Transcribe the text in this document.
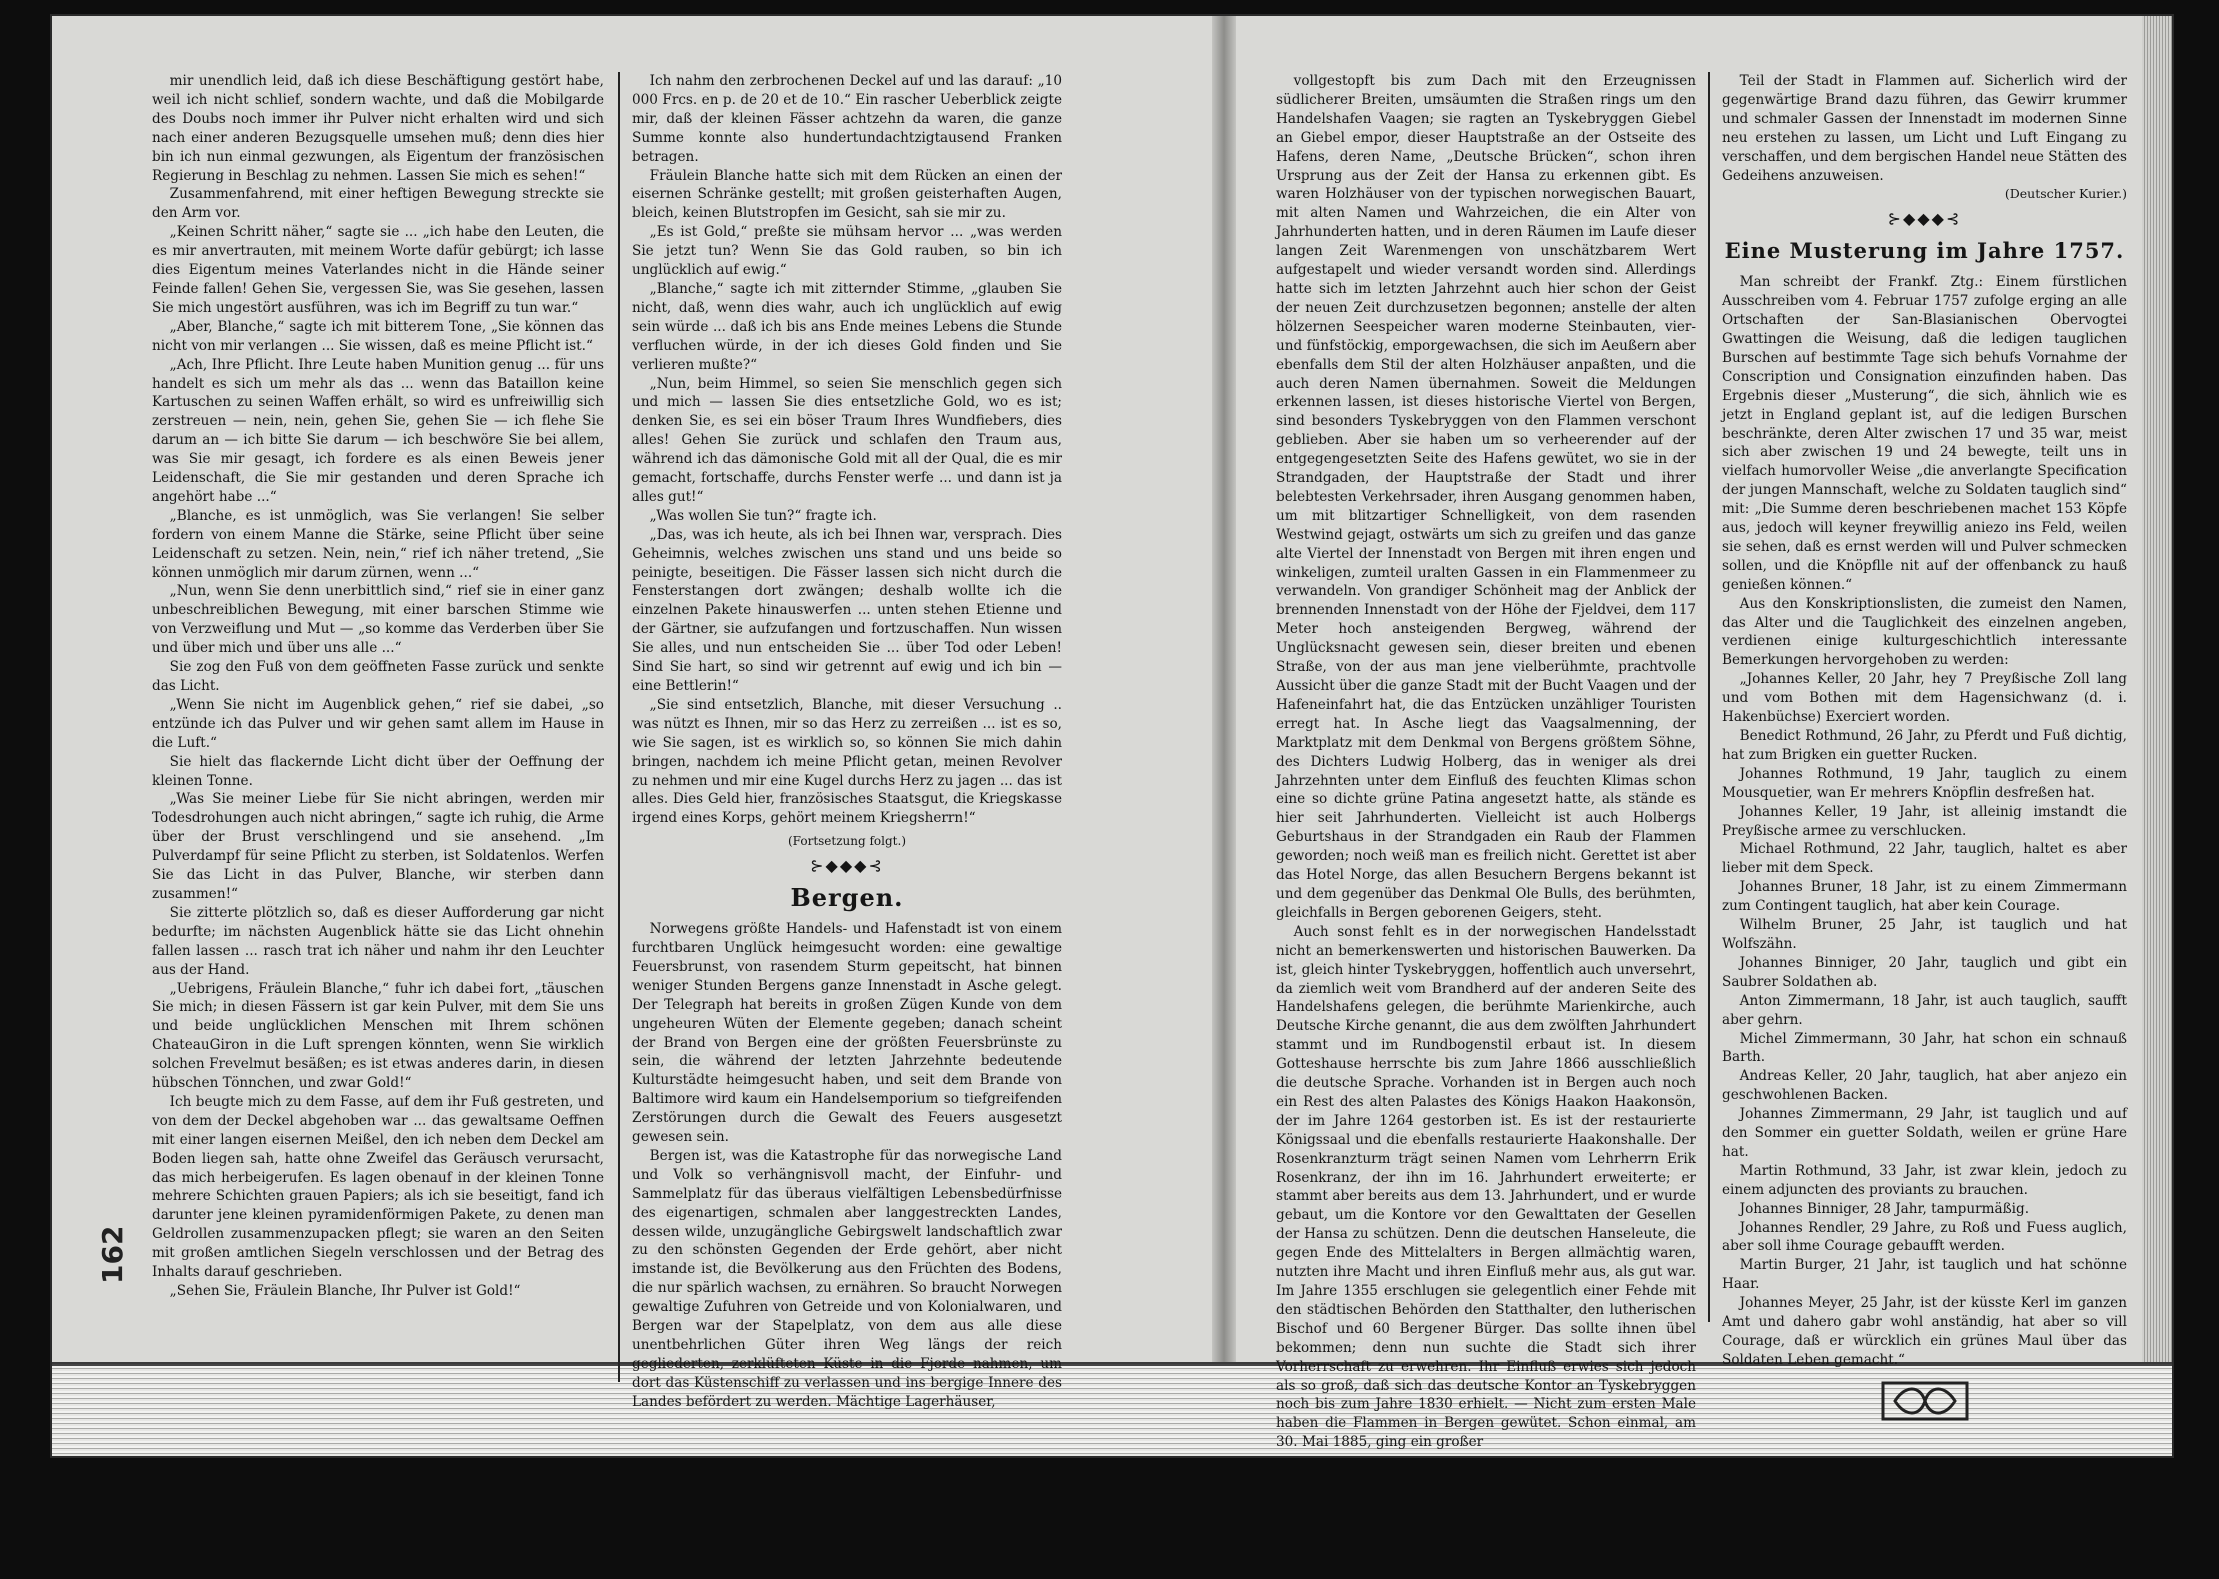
162

mir unendlich leid, daß ich diese Beschäftigung gestört habe, weil ich nicht schlief, sondern wachte, und daß die Mobilgarde des Doubs noch immer ihr Pulver nicht erhalten wird und sich nach einer anderen Bezugsquelle umsehen muß; denn dies hier bin ich nun einmal gezwungen, als Eigentum der französischen Regierung in Beschlag zu nehmen. Lassen Sie mich es sehen!“

Zusammenfahrend, mit einer heftigen Bewegung streckte sie den Arm vor.

„Keinen Schritt näher,“ sagte sie ... „ich habe den Leuten, die es mir anvertrauten, mit meinem Worte dafür gebürgt; ich lasse dies Eigentum meines Vaterlandes nicht in die Hände seiner Feinde fallen! Gehen Sie, vergessen Sie, was Sie gesehen, lassen Sie mich ungestört ausführen, was ich im Begriff zu tun war.“

„Aber, Blanche,“ sagte ich mit bitterem Tone, „Sie können das nicht von mir verlangen ... Sie wissen, daß es meine Pflicht ist.“

„Ach, Ihre Pflicht. Ihre Leute haben Munition genug ... für uns handelt es sich um mehr als das ... wenn das Bataillon keine Kartuschen zu seinen Waffen erhält, so wird es unfreiwillig sich zerstreuen — nein, nein, gehen Sie, gehen Sie — ich flehe Sie darum an — ich bitte Sie darum — ich beschwöre Sie bei allem, was Sie mir gesagt, ich fordere es als einen Beweis jener Leidenschaft, die Sie mir gestanden und deren Sprache ich angehört habe ...“

„Blanche, es ist unmöglich, was Sie verlangen! Sie selber fordern von einem Manne die Stärke, seine Pflicht über seine Leidenschaft zu setzen. Nein, nein,“ rief ich näher tretend, „Sie können unmöglich mir darum zürnen, wenn ...“

„Nun, wenn Sie denn unerbittlich sind,“ rief sie in einer ganz unbeschreiblichen Bewegung, mit einer barschen Stimme wie von Verzweiflung und Mut — „so komme das Verderben über Sie und über mich und über uns alle ...“

Sie zog den Fuß von dem geöffneten Fasse zurück und senkte das Licht.

„Wenn Sie nicht im Augenblick gehen,“ rief sie dabei, „so entzünde ich das Pulver und wir gehen samt allem im Hause in die Luft.“

Sie hielt das flackernde Licht dicht über der Oeffnung der kleinen Tonne.

„Was Sie meiner Liebe für Sie nicht abringen, werden mir Todesdrohungen auch nicht abringen,“ sagte ich ruhig, die Arme über der Brust verschlingend und sie ansehend. „Im Pulverdampf für seine Pflicht zu sterben, ist Soldatenlos. Werfen Sie das Licht in das Pulver, Blanche, wir sterben dann zusammen!“

Sie zitterte plötzlich so, daß es dieser Aufforderung gar nicht bedurfte; im nächsten Augenblick hätte sie das Licht ohnehin fallen lassen ... rasch trat ich näher und nahm ihr den Leuchter aus der Hand.

„Uebrigens, Fräulein Blanche,“ fuhr ich dabei fort, „täuschen Sie mich; in diesen Fässern ist gar kein Pulver, mit dem Sie uns und beide unglücklichen Menschen mit Ihrem schönen ChateauGiron in die Luft sprengen könnten, wenn Sie wirklich solchen Frevelmut besäßen; es ist etwas anderes darin, in diesen hübschen Tönnchen, und zwar Gold!“

Ich beugte mich zu dem Fasse, auf dem ihr Fuß gestreten, und von dem der Deckel abgehoben war ... das gewaltsame Oeffnen mit einer langen eisernen Meißel, den ich neben dem Deckel am Boden liegen sah, hatte ohne Zweifel das Geräusch verursacht, das mich herbeigerufen. Es lagen obenauf in der kleinen Tonne mehrere Schichten grauen Papiers; als ich sie beseitigt, fand ich darunter jene kleinen pyramidenförmigen Pakete, zu denen man Geldrollen zusammenzupacken pflegt; sie waren an den Seiten mit großen amtlichen Siegeln verschlossen und der Betrag des Inhalts darauf geschrieben.

„Sehen Sie, Fräulein Blanche, Ihr Pulver ist Gold!“

Ich nahm den zerbrochenen Deckel auf und las darauf: „10 000 Frcs. en p. de 20 et de 10.“ Ein rascher Ueberblick zeigte mir, daß der kleinen Fässer achtzehn da waren, die ganze Summe konnte also hundertundachtzigtausend Franken betragen.

Fräulein Blanche hatte sich mit dem Rücken an einen der eisernen Schränke gestellt; mit großen geisterhaften Augen, bleich, keinen Blutstropfen im Gesicht, sah sie mir zu.

„Es ist Gold,“ preßte sie mühsam hervor ... „was werden Sie jetzt tun? Wenn Sie das Gold rauben, so bin ich unglücklich auf ewig.“

„Blanche,“ sagte ich mit zitternder Stimme, „glauben Sie nicht, daß, wenn dies wahr, auch ich unglücklich auf ewig sein würde ... daß ich bis ans Ende meines Lebens die Stunde verfluchen würde, in der ich dieses Gold finden und Sie verlieren mußte?“

„Nun, beim Himmel, so seien Sie menschlich gegen sich und mich — lassen Sie dies entsetzliche Gold, wo es ist; denken Sie, es sei ein böser Traum Ihres Wundfiebers, dies alles! Gehen Sie zurück und schlafen den Traum aus, während ich das dämonische Gold mit all der Qual, die es mir gemacht, fortschaffe, durchs Fenster werfe ... und dann ist ja alles gut!“

„Was wollen Sie tun?“ fragte ich.

„Das, was ich heute, als ich bei Ihnen war, versprach. Dies Geheimnis, welches zwischen uns stand und uns beide so peinigte, beseitigen. Die Fässer lassen sich nicht durch die Fensterstangen dort zwängen; deshalb wollte ich die einzelnen Pakete hinauswerfen ... unten stehen Etienne und der Gärtner, sie aufzufangen und fortzuschaffen. Nun wissen Sie alles, und nun entscheiden Sie ... über Tod oder Leben! Sind Sie hart, so sind wir getrennt auf ewig und ich bin — eine Bettlerin!“

„Sie sind entsetzlich, Blanche, mit dieser Versuchung .. was nützt es Ihnen, mir so das Herz zu zerreißen ... ist es so, wie Sie sagen, ist es wirklich so, so können Sie mich dahin bringen, nachdem ich meine Pflicht getan, meinen Revolver zu nehmen und mir eine Kugel durchs Herz zu jagen ... das ist alles. Dies Geld hier, französisches Staatsgut, die Kriegskasse irgend eines Korps, gehört meinem Kriegsherrn!“

(Fortsetzung folgt.)
⊱◆◆◆⊰
Bergen.

Norwegens größte Handels- und Hafenstadt ist von einem furchtbaren Unglück heimgesucht worden: eine gewaltige Feuersbrunst, von rasendem Sturm gepeitscht, hat binnen weniger Stunden Bergens ganze Innenstadt in Asche gelegt. Der Telegraph hat bereits in großen Zügen Kunde von dem ungeheuren Wüten der Elemente gegeben; danach scheint der Brand von Bergen eine der größten Feuersbrünste zu sein, die während der letzten Jahrzehnte bedeutende Kulturstädte heimgesucht haben, und seit dem Brande von Baltimore wird kaum ein Handelsemporium so tiefgreifenden Zerstörungen durch die Gewalt des Feuers ausgesetzt gewesen sein.

Bergen ist, was die Katastrophe für das norwegische Land und Volk so verhängnisvoll macht, der Einfuhr- und Sammelplatz für das überaus vielfältigen Lebensbedürfnisse des eigenartigen, schmalen aber langgestreckten Landes, dessen wilde, unzugängliche Gebirgswelt landschaftlich zwar zu den schönsten Gegenden der Erde gehört, aber nicht imstande ist, die Bevölkerung aus den Früchten des Bodens, die nur spärlich wachsen, zu ernähren. So braucht Norwegen gewaltige Zufuhren von Getreide und von Kolonialwaren, und Bergen war der Stapelplatz, von dem aus alle diese unentbehrlichen Güter ihren Weg längs der reich gegliederten, zerklüfteten Küste in die Fjorde nahmen, um dort das Küstenschiff zu verlassen und ins bergige Innere des Landes befördert zu werden. Mächtige Lagerhäuser,

vollgestopft bis zum Dach mit den Erzeugnissen südlicherer Breiten, umsäumten die Straßen rings um den Handelshafen Vaagen; sie ragten an Tyskebryggen Giebel an Giebel empor, dieser Hauptstraße an der Ostseite des Hafens, deren Name, „Deutsche Brücken“, schon ihren Ursprung aus der Zeit der Hansa zu erkennen gibt. Es waren Holzhäuser von der typischen norwegischen Bauart, mit alten Namen und Wahrzeichen, die ein Alter von Jahrhunderten hatten, und in deren Räumen im Laufe dieser langen Zeit Warenmengen von unschätzbarem Wert aufgestapelt und wieder versandt worden sind. Allerdings hatte sich im letzten Jahrzehnt auch hier schon der Geist der neuen Zeit durchzusetzen begonnen; anstelle der alten hölzernen Seespeicher waren moderne Steinbauten, vier- und fünfstöckig, emporgewachsen, die sich im Aeußern aber ebenfalls dem Stil der alten Holzhäuser anpaßten, und die auch deren Namen übernahmen. Soweit die Meldungen erkennen lassen, ist dieses historische Viertel von Bergen, sind besonders Tyskebryggen von den Flammen verschont geblieben. Aber sie haben um so verheerender auf der entgegengesetzten Seite des Hafens gewütet, wo sie in der Strandgaden, der Hauptstraße der Stadt und ihrer belebtesten Verkehrsader, ihren Ausgang genommen haben, um mit blitzartiger Schnelligkeit, von dem rasenden Westwind gejagt, ostwärts um sich zu greifen und das ganze alte Viertel der Innenstadt von Bergen mit ihren engen und winkeligen, zumteil uralten Gassen in ein Flammenmeer zu verwandeln. Von grandiger Schönheit mag der Anblick der brennenden Innenstadt von der Höhe der Fjeldvei, dem 117 Meter hoch ansteigenden Bergweg, während der Unglücksnacht gewesen sein, dieser breiten und ebenen Straße, von der aus man jene vielberühmte, prachtvolle Aussicht über die ganze Stadt mit der Bucht Vaagen und der Hafeneinfahrt hat, die das Entzücken unzähliger Touristen erregt hat. In Asche liegt das Vaagsalmenning, der Marktplatz mit dem Denkmal von Bergens größtem Söhne, des Dichters Ludwig Holberg, das in weniger als drei Jahrzehnten unter dem Einfluß des feuchten Klimas schon eine so dichte grüne Patina angesetzt hatte, als stände es hier seit Jahrhunderten. Vielleicht ist auch Holbergs Geburtshaus in der Strandgaden ein Raub der Flammen geworden; noch weiß man es freilich nicht. Gerettet ist aber das Hotel Norge, das allen Besuchern Bergens bekannt ist und dem gegenüber das Denkmal Ole Bulls, des berühmten, gleichfalls in Bergen geborenen Geigers, steht.

Auch sonst fehlt es in der norwegischen Handelsstadt nicht an bemerkenswerten und historischen Bauwerken. Da ist, gleich hinter Tyskebryggen, hoffentlich auch unversehrt, da ziemlich weit vom Brandherd auf der anderen Seite des Handelshafens gelegen, die berühmte Marienkirche, auch Deutsche Kirche genannt, die aus dem zwölften Jahrhundert stammt und im Rundbogenstil erbaut ist. In diesem Gotteshause herrschte bis zum Jahre 1866 ausschließlich die deutsche Sprache. Vorhanden ist in Bergen auch noch ein Rest des alten Palastes des Königs Haakon Haakonsön, der im Jahre 1264 gestorben ist. Es ist der restaurierte Königssaal und die ebenfalls restaurierte Haakonshalle. Der Rosenkranzturm trägt seinen Namen vom Lehrherrn Erik Rosenkranz, der ihn im 16. Jahrhundert erweiterte; er stammt aber bereits aus dem 13. Jahrhundert, und er wurde gebaut, um die Kontore vor den Gewalttaten der Gesellen der Hansa zu schützen. Denn die deutschen Hanseleute, die gegen Ende des Mittelalters in Bergen allmächtig waren, nutzten ihre Macht und ihren Einfluß mehr aus, als gut war. Im Jahre 1355 erschlugen sie gelegentlich einer Fehde mit den städtischen Behörden den Statthalter, den lutherischen Bischof und 60 Bergener Bürger. Das sollte ihnen übel bekommen; denn nun suchte die Stadt sich ihrer Vorherrschaft zu erwehren. Ihr Einfluß erwies sich jedoch als so groß, daß sich das deutsche Kontor an Tyskebryggen noch bis zum Jahre 1830 erhielt. — Nicht zum ersten Male haben die Flammen in Bergen gewütet. Schon einmal, am 30. Mai 1885, ging ein großer

Teil der Stadt in Flammen auf. Sicherlich wird der gegenwärtige Brand dazu führen, das Gewirr krummer und schmaler Gassen der Innenstadt im modernen Sinne neu erstehen zu lassen, um Licht und Luft Eingang zu verschaffen, und dem bergischen Handel neue Stätten des Gedeihens anzuweisen.

(Deutscher Kurier.)
⊱◆◆◆⊰
Eine Musterung im Jahre 1757.

Man schreibt der Frankf. Ztg.: Einem fürstlichen Ausschreiben vom 4. Februar 1757 zufolge erging an alle Ortschaften der San-Blasianischen Obervogtei Gwattingen die Weisung, daß die ledigen tauglichen Burschen auf bestimmte Tage sich behufs Vornahme der Conscription und Consignation einzufinden haben. Das Ergebnis dieser „Musterung“, die sich, ähnlich wie es jetzt in England geplant ist, auf die ledigen Burschen beschränkte, deren Alter zwischen 17 und 35 war, meist sich aber zwischen 19 und 24 bewegte, teilt uns in vielfach humorvoller Weise „die anverlangte Specification der jungen Mannschaft, welche zu Soldaten tauglich sind“ mit: „Die Summe deren beschriebenen machet 153 Köpfe aus, jedoch will keyner freywillig aniezo ins Feld, weilen sie sehen, daß es ernst werden will und Pulver schmecken sollen, und die Knöpflle nit auf der offenbanck zu hauß genießen können.“

Aus den Konskriptionslisten, die zumeist den Namen, das Alter und die Tauglichkeit des einzelnen angeben, verdienen einige kulturgeschichtlich interessante Bemerkungen hervorgehoben zu werden:

„Johannes Keller, 20 Jahr, hey 7 Preyßische Zoll lang und vom Bothen mit dem Hagensichwanz (d. i. Hakenbüchse) Exerciert worden.

Benedict Rothmund, 26 Jahr, zu Pferdt und Fuß dichtig, hat zum Brigken ein guetter Rucken.

Johannes Rothmund, 19 Jahr, tauglich zu einem Mousquetier, wan Er mehrers Knöpflin desfreßen hat.

Johannes Keller, 19 Jahr, ist alleinig imstandt die Preyßische armee zu verschlucken.

Michael Rothmund, 22 Jahr, tauglich, haltet es aber lieber mit dem Speck.

Johannes Bruner, 18 Jahr, ist zu einem Zimmermann zum Contingent tauglich, hat aber kein Courage.

Wilhelm Bruner, 25 Jahr, ist tauglich und hat Wolfszähn.

Johannes Binniger, 20 Jahr, tauglich und gibt ein Saubrer Soldathen ab.

Anton Zimmermann, 18 Jahr, ist auch tauglich, saufft aber gehrn.

Michel Zimmermann, 30 Jahr, hat schon ein schnauß Barth.

Andreas Keller, 20 Jahr, tauglich, hat aber anjezo ein geschwohlenen Backen.

Johannes Zimmermann, 29 Jahr, ist tauglich und auf den Sommer ein guetter Soldath, weilen er grüne Hare hat.

Martin Rothmund, 33 Jahr, ist zwar klein, jedoch zu einem adjuncten des proviants zu brauchen.

Johannes Binniger, 28 Jahr, tampurmäßig.

Johannes Rendler, 29 Jahre, zu Roß und Fuess auglich, aber soll ihme Courage gebaufft werden.

Martin Burger, 21 Jahr, ist tauglich und hat schönne Haar.

Johannes Meyer, 25 Jahr, ist der küsste Kerl im ganzen Amt und dahero gabr wohl anständig, hat aber so vill Courage, daß er würcklich ein grünes Maul über das Soldaten Leben gemacht.“
